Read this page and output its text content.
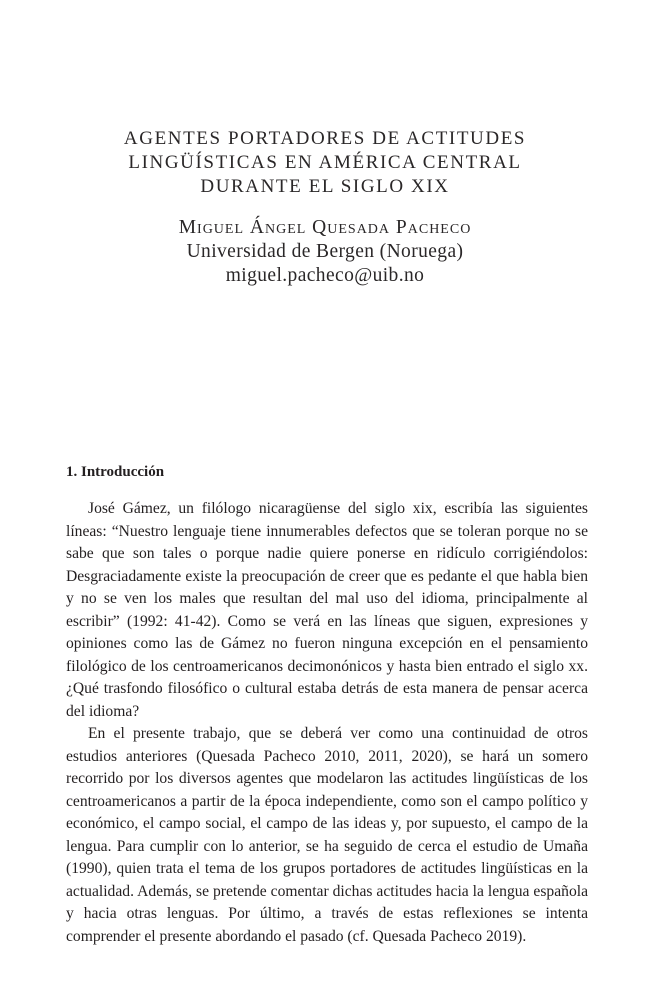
AGENTES PORTADORES DE ACTITUDES
LINGÜÍSTICAS EN AMÉRICA CENTRAL
DURANTE EL SIGLO XIX
Miguel Ángel Quesada Pacheco
Universidad de Bergen (Noruega)
miguel.pacheco@uib.no
1. Introducción

José Gámez, un filólogo nicaragüense del siglo xix, escribía las siguientes líneas: “Nuestro lenguaje tiene innumerables defectos que se toleran porque no se sabe que son tales o porque nadie quiere ponerse en ridículo corrigiéndolos: Desgraciadamente existe la preocupación de creer que es pedante el que habla bien y no se ven los males que resultan del mal uso del idioma, principalmente al escribir” (1992: 41-42). Como se verá en las líneas que siguen, expresiones y opiniones como las de Gámez no fueron ninguna excepción en el pensamiento filológico de los centroamericanos decimonónicos y hasta bien entrado el siglo xx. ¿Qué trasfondo filosófico o cultural estaba detrás de esta manera de pensar acerca del idioma?

En el presente trabajo, que se deberá ver como una continuidad de otros estudios anteriores (Quesada Pacheco 2010, 2011, 2020), se hará un somero recorrido por los diversos agentes que modelaron las actitudes lingüísticas de los centroamericanos a partir de la época independiente, como son el campo político y económico, el campo social, el campo de las ideas y, por supuesto, el campo de la lengua. Para cumplir con lo anterior, se ha seguido de cerca el estudio de Umaña (1990), quien trata el tema de los grupos portadores de actitudes lingüísticas en la actualidad. Además, se pretende comentar dichas actitudes hacia la lengua española y hacia otras lenguas. Por último, a través de estas reflexiones se intenta comprender el presente abordando el pasado (cf. Quesada Pacheco 2019).
